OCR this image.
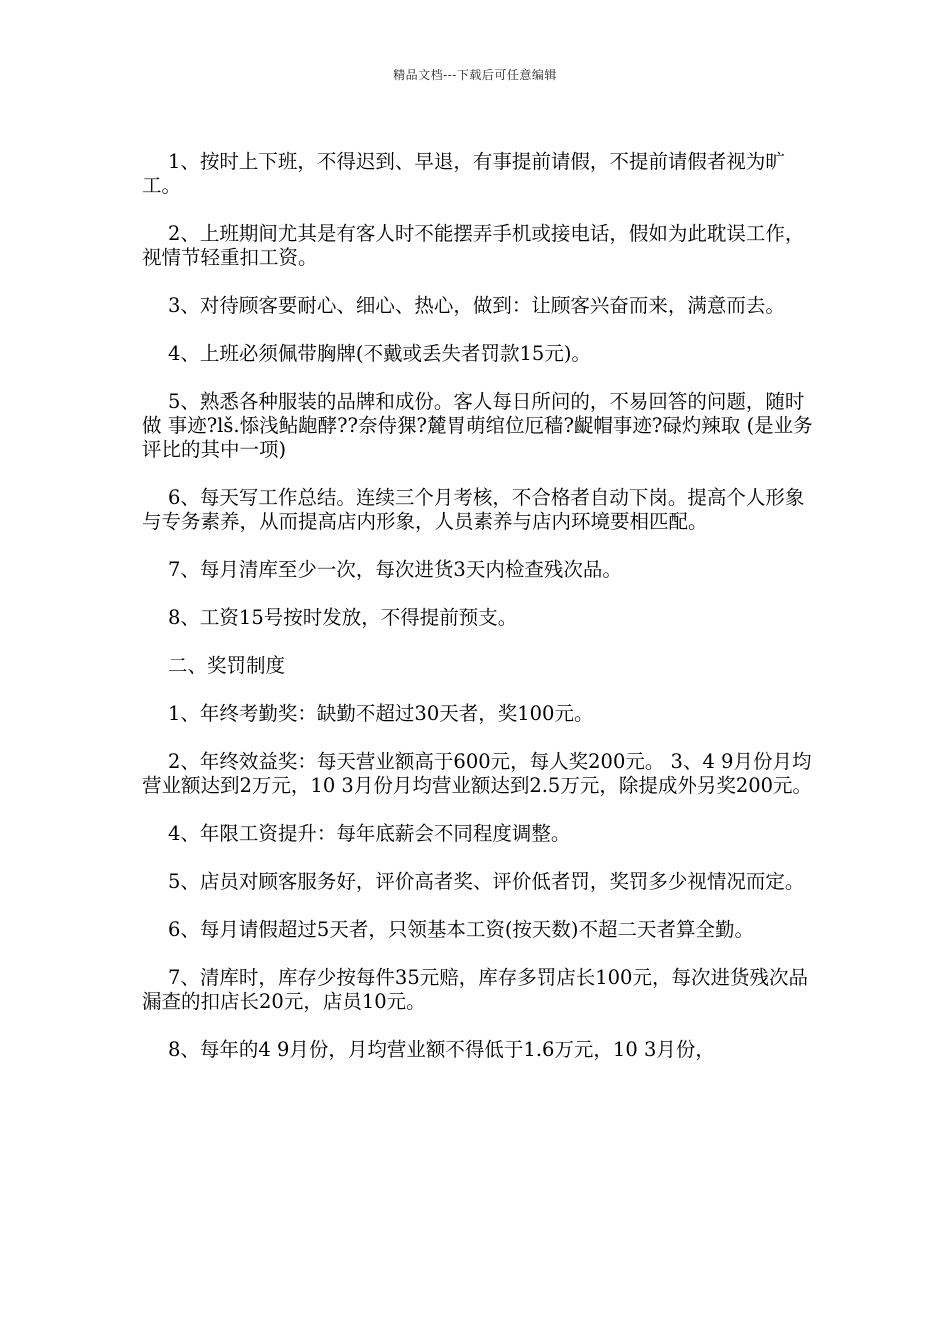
精品文档---下载后可任意编辑

1、按时上下班，不得迟到、早退，有事提前请假，不提前请假者视为旷工。

2、上班期间尤其是有客人时不能摆弄手机或接电话，假如为此耽误工作，视情节轻重扣工资。

3、对待顾客要耐心、细心、热心，做到：让顾客兴奋而来，满意而去。

4、上班必须佩带胸牌(不戴或丢失者罚款15元)。

5、熟悉各种服装的品牌和成份。客人每日所问的，不易回答的问题，随时做 事迹?lš.悿浅鲇龅酵??奈侍猓?麓胃萌绾位厄穑?齪帽事迹?碌灼辣取 (是业务评比的其中一项)

6、每天写工作总结。连续三个月考核，不合格者自动下岗。提高个人形象与专务素养，从而提高店内形象，人员素养与店内环境要相匹配。

7、每月清库至少一次，每次进货3天内检查残次品。

8、工资15号按时发放，不得提前预支。

二、奖罚制度

1、年终考勤奖：缺勤不超过30天者，奖100元。

2、年终效益奖：每天营业额高于600元，每人奖200元。 3、4 9月份月均营业额达到2万元，10 3月份月均营业额达到2.5万元，除提成外另奖200元。

4、年限工资提升：每年底薪会不同程度调整。

5、店员对顾客服务好，评价高者奖、评价低者罚，奖罚多少视情况而定。

6、每月请假超过5天者，只领基本工资(按天数)不超二天者算全勤。

7、清库时，库存少按每件35元赔，库存多罚店长100元，每次进货残次品漏查的扣店长20元，店员10元。

8、每年的4 9月份，月均营业额不得低于1.6万元，10 3月份，
